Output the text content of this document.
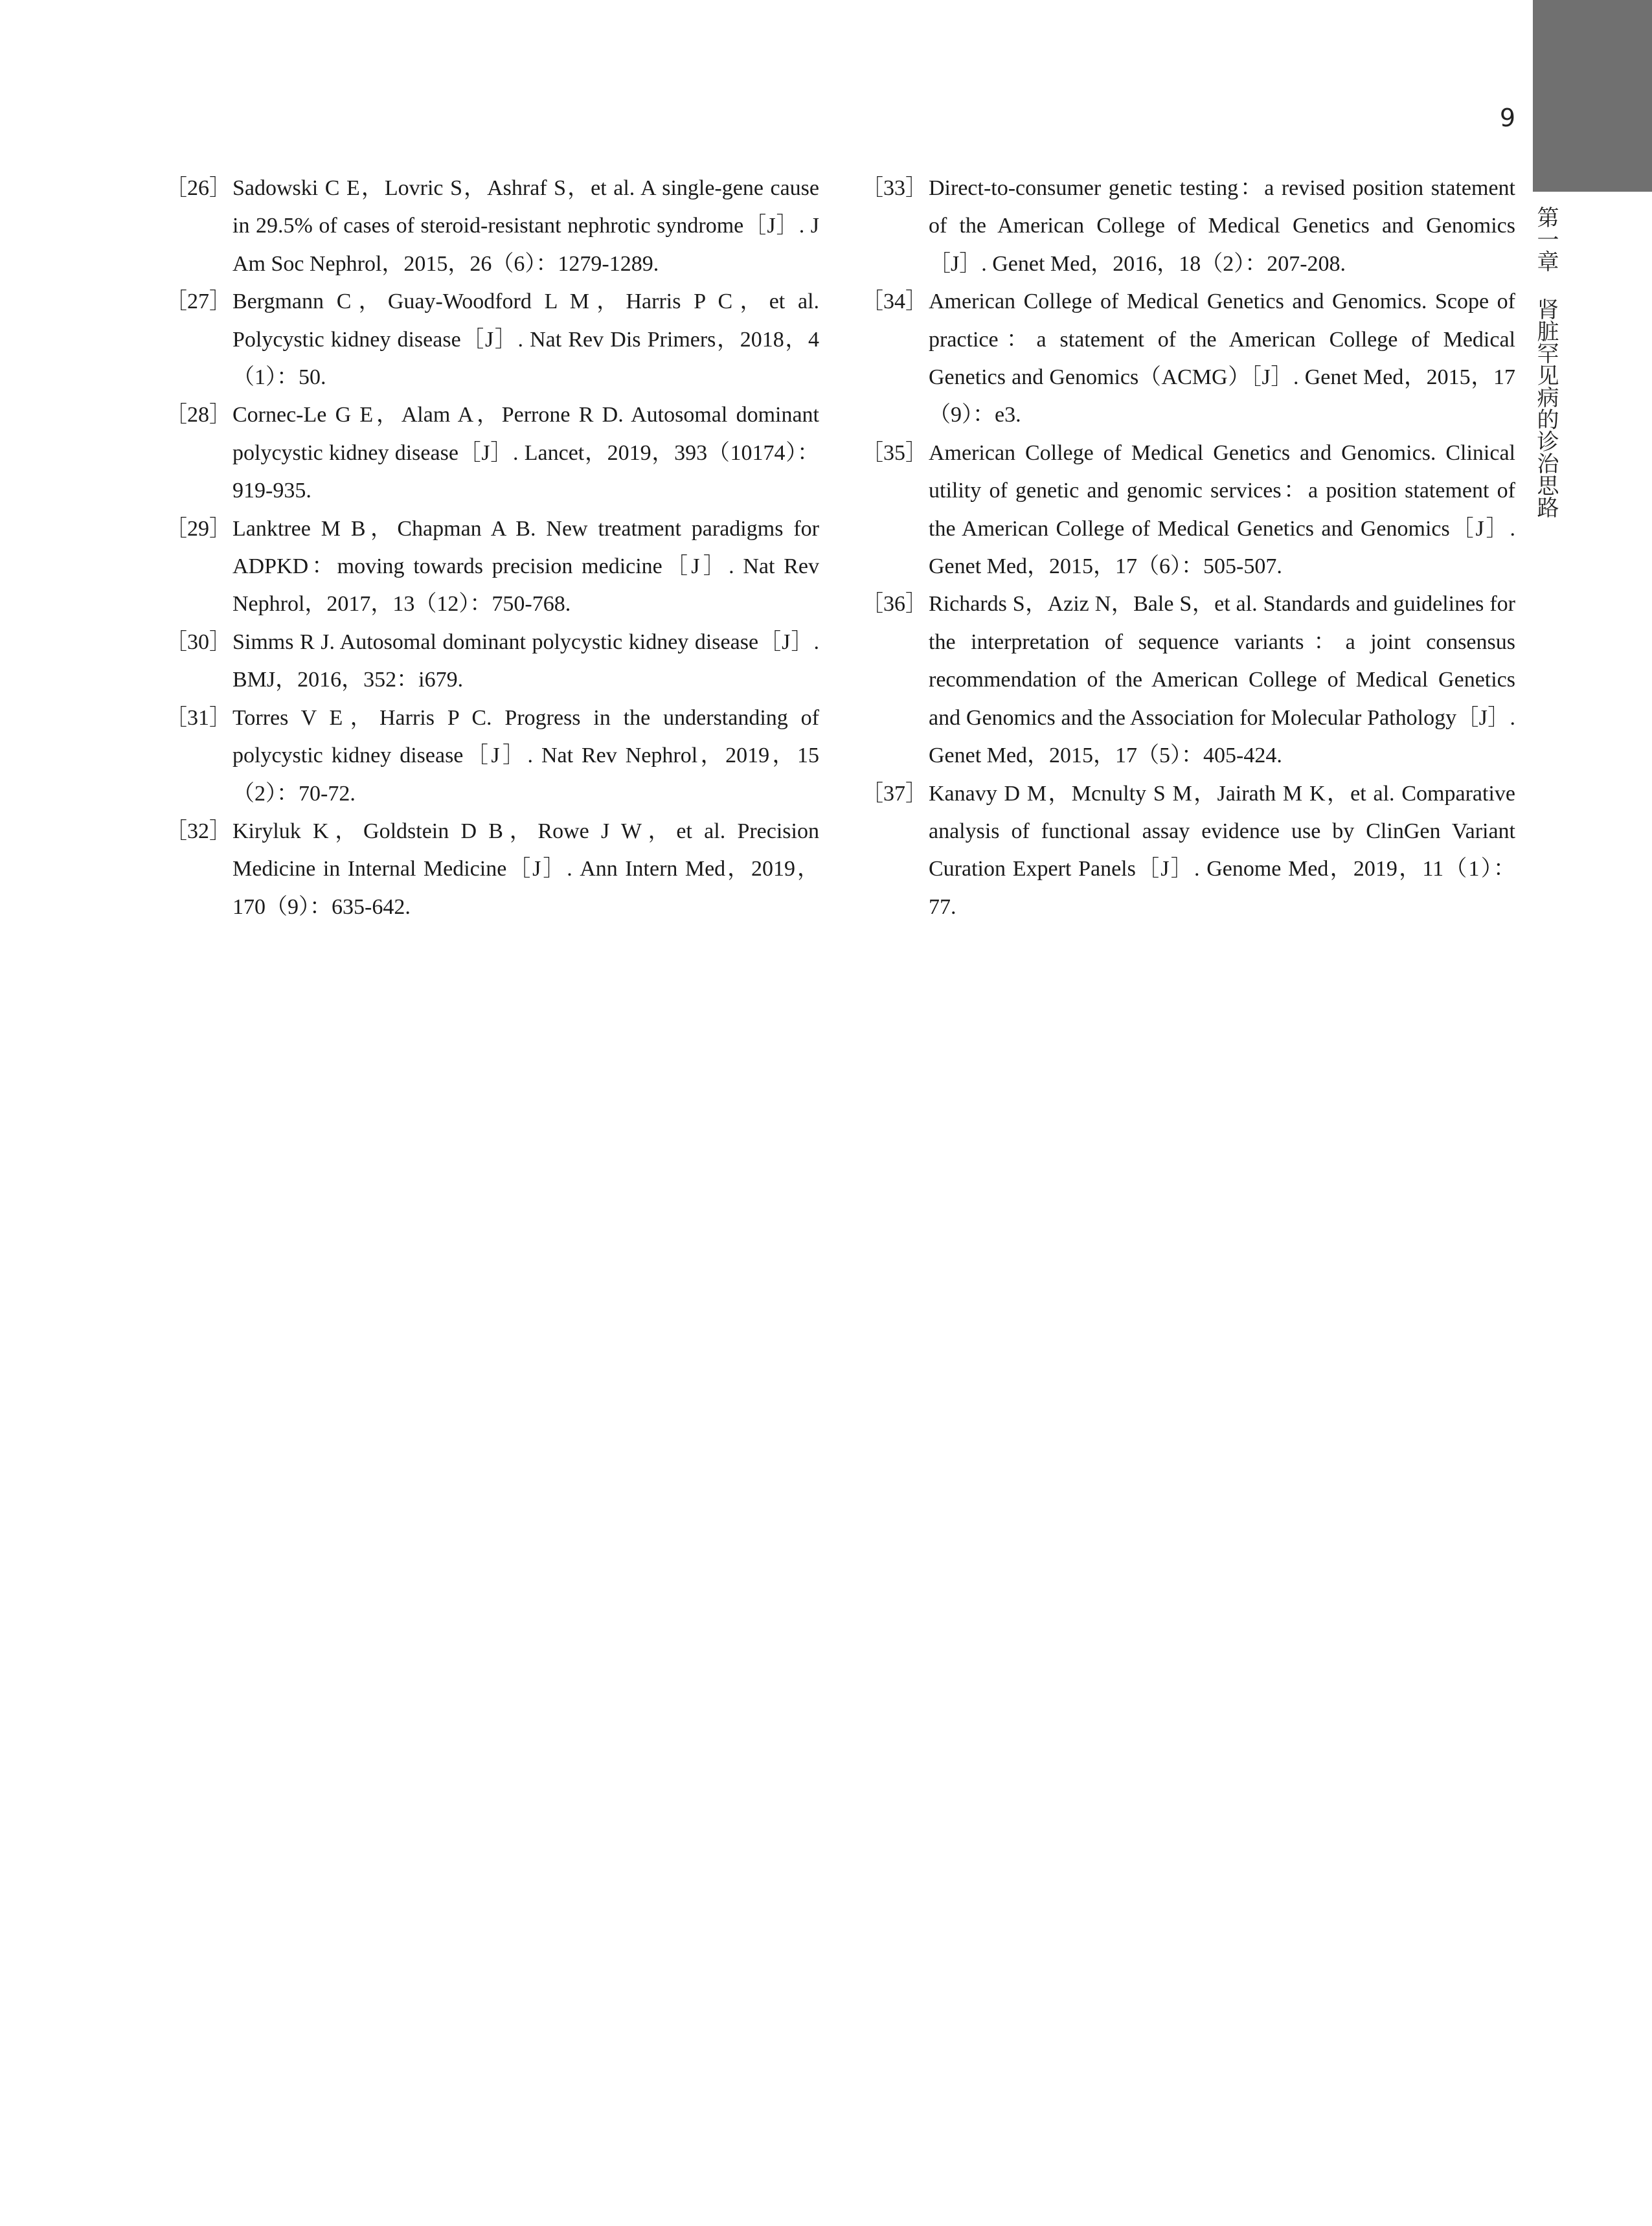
9
第一章肾脏罕见病的诊治思路
［26］ Sadowski C E，Lovric S，Ashraf S，et al. A single-gene cause in 29.5% of cases of steroid-resistant nephrotic syndrome［J］. J Am Soc Nephrol，2015，26（6）：1279-1289.
［27］ Bergmann C，Guay-Woodford L M，Harris P C，et al. Polycystic kidney disease［J］. Nat Rev Dis Primers，2018，4（1）：50.
［28］ Cornec-Le G E，Alam A，Perrone R D. Autosomal dominant polycystic kidney disease［J］. Lancet，2019，393（10174）：919-935.
［29］ Lanktree M B，Chapman A B. New treatment paradigms for ADPKD：moving towards precision medicine［J］. Nat Rev Nephrol，2017，13（12）：750-768.
［30］ Simms R J. Autosomal dominant polycystic kidney disease［J］. BMJ，2016，352：i679.
［31］ Torres V E，Harris P C. Progress in the understanding of polycystic kidney disease［J］. Nat Rev Nephrol，2019，15（2）：70-72.
［32］ Kiryluk K，Goldstein D B，Rowe J W，et al. Precision Medicine in Internal Medicine［J］. Ann Intern Med，2019，170（9）：635-642.
［33］ Direct-to-consumer genetic testing：a revised position statement of the American College of Medical Genetics and Genomics［J］. Genet Med，2016，18（2）：207-208.
［34］ American College of Medical Genetics and Genomics. Scope of practice：a statement of the American College of Medical Genetics and Genomics（ACMG）［J］. Genet Med，2015，17（9）：e3.
［35］ American College of Medical Genetics and Genomics. Clinical utility of genetic and genomic services：a position statement of the American College of Medical Genetics and Genomics［J］. Genet Med，2015，17（6）：505-507.
［36］ Richards S，Aziz N，Bale S，et al. Standards and guidelines for the interpretation of sequence variants：a joint consensus recommendation of the American College of Medical Genetics and Genomics and the Association for Molecular Pathology［J］. Genet Med，2015，17（5）：405-424.
［37］ Kanavy D M，Mcnulty S M，Jairath M K，et al. Comparative analysis of functional assay evidence use by ClinGen Variant Curation Expert Panels［J］. Genome Med，2019，11（1）：77.
